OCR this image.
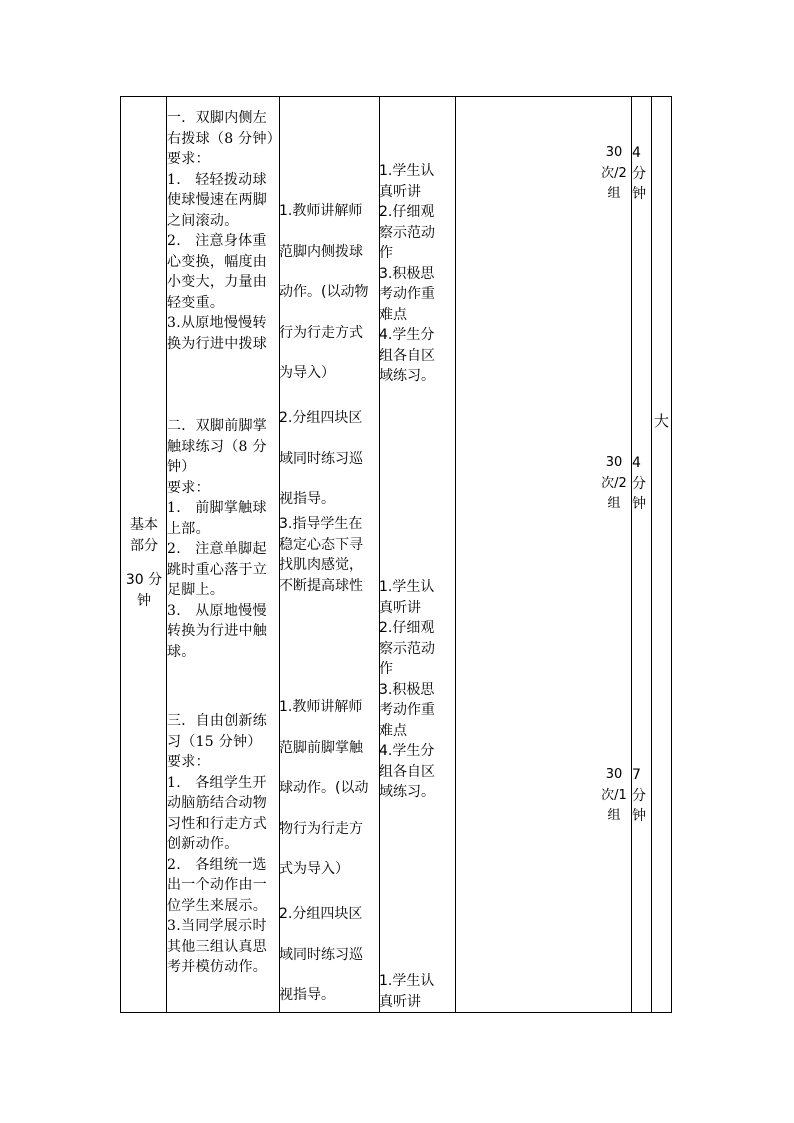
基本
部分
30 分
钟
一．双脚内侧左
右拨球（8 分钟）
要求：
1.　轻轻拨动球
使球慢速在两脚
之间滚动。
2.　注意身体重
心变换，幅度由
小变大，力量由
轻变重。
3.从原地慢慢转
换为行进中拨球
二．双脚前脚掌
触球练习（8 分
钟）
要求：
1.　前脚掌触球
上部。
2.　注意单脚起
跳时重心落于立
足脚上。
3.　从原地慢慢
转换为行进中触
球。
三．自由创新练
习（15 分钟）
要求：
1.　各组学生开
动脑筋结合动物
习性和行走方式
创新动作。
2.　各组统一选
出一个动作由一
位学生来展示。
3.当同学展示时
其他三组认真思
考并模仿动作。
1.教师讲解师
范脚内侧拨球
动作。(以动物
行为行走方式
为导入）
2.分组四块区
域同时练习巡
视指导。
3.指导学生在
稳定心态下寻
找肌肉感觉，
不断提高球性
1.教师讲解师
范脚前脚掌触
球动作。(以动
物行为行走方
式为导入）
2.分组四块区
域同时练习巡
视指导。
1.学生认
真听讲
2.仔细观
察示范动
作
3.积极思
考动作重
难点
4.学生分
组各自区
域练习。
1.学生认
真听讲
2.仔细观
察示范动
作
3.积极思
考动作重
难点
4.学生分
组各自区
域练习。
1.学生认
真听讲
30
次/2
组
30
次/2
组
30
次/1
组
4
分
钟
4
分
钟
7
分
钟
大
